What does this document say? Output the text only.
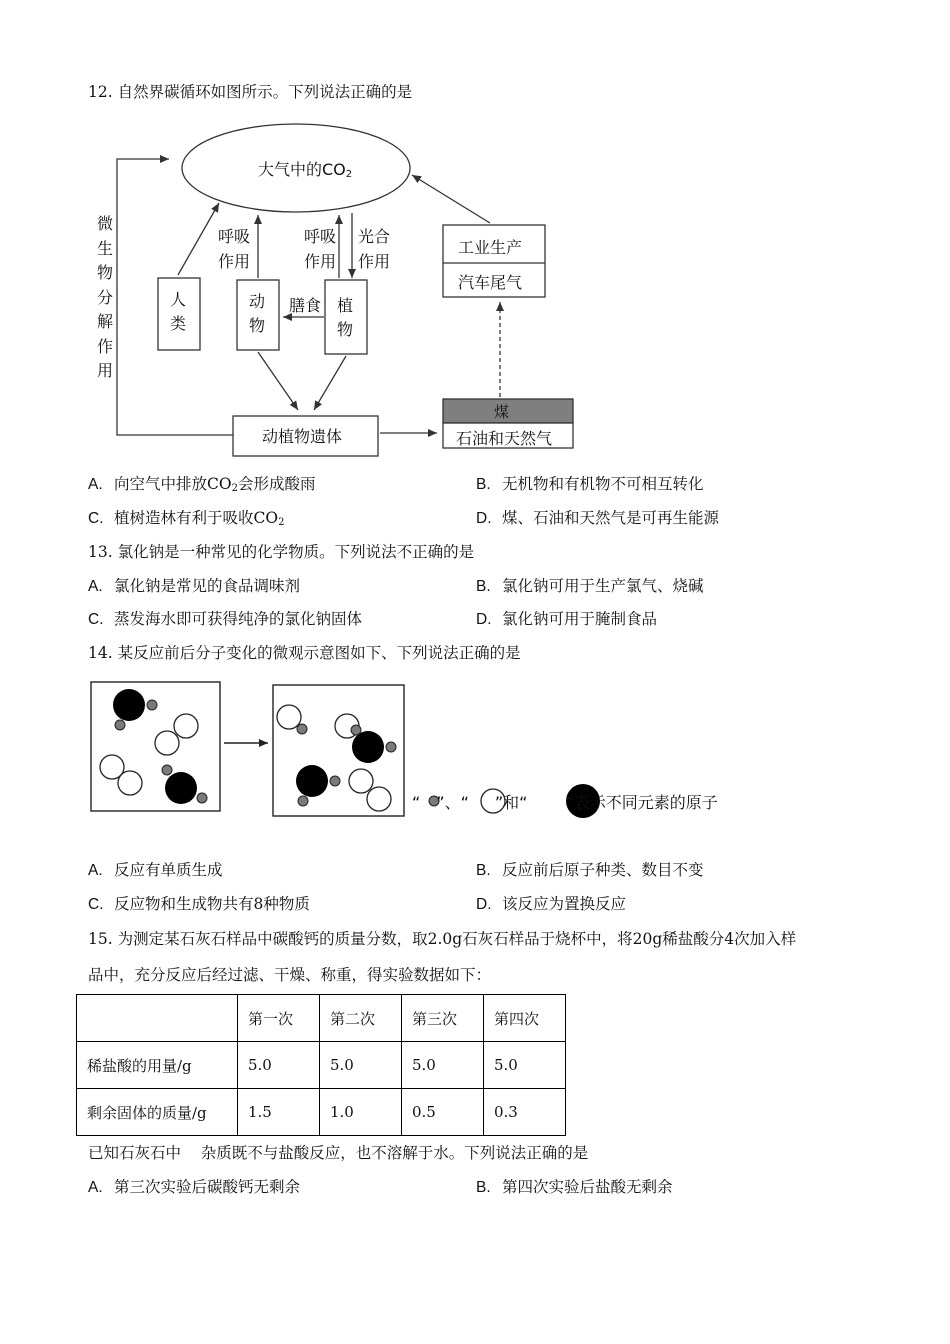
12. 自然界碳循环如图所示。下列说法正确的是
大气中的$CO_2$
微
生
物
分
解
作
用
人
类
动
物
植
物
呼吸
作用
呼吸
作用
光合
作用
膳食
工业生产
汽车尾气
动植物遗体
煤
石油和天然气
A. 向空气中排放$CO_2$会形成酸雨	B. 无机物和有机物不可相互转化
C. 植树造林有利于吸收$CO_2$	D. 煤、石油和天然气是可再生能源
13. 氯化钠是一种常见的化学物质。下列说法不正确的是
A. 氯化钠是常见的食品调味剂	B. 氯化钠可用于生产氯气、烧碱
C. 蒸发海水即可获得纯净的氯化钠固体	D. 氯化钠可用于腌制食品
14. 某反应前后分子变化的微观示意图如下、下列说法正确的是
“ ”、“ ”和“ ”表示不同元素的原子
A. 反应有单质生成	B. 反应前后原子种类、数目不变
C. 反应物和生成物共有8种物质	D. 该反应为置换反应
15. 为测定某石灰石样品中碳酸钙的质量分数，取2.0g石灰石样品于烧杯中，将20g稀盐酸分4次加入样
品中，充分反应后经过滤、干燥、称重，得实验数据如下：
	第一次	第二次	第三次	第四次
稀盐酸的用量/g	5.0	5.0	5.0	5.0
剩余固体的质量/g	1.5	1.0	0.5	0.3
已知石灰石中    杂质既不与盐酸反应，也不溶解于水。下列说法正确的是
A. 第三次实验后碳酸钙无剩余	B. 第四次实验后盐酸无剩余
